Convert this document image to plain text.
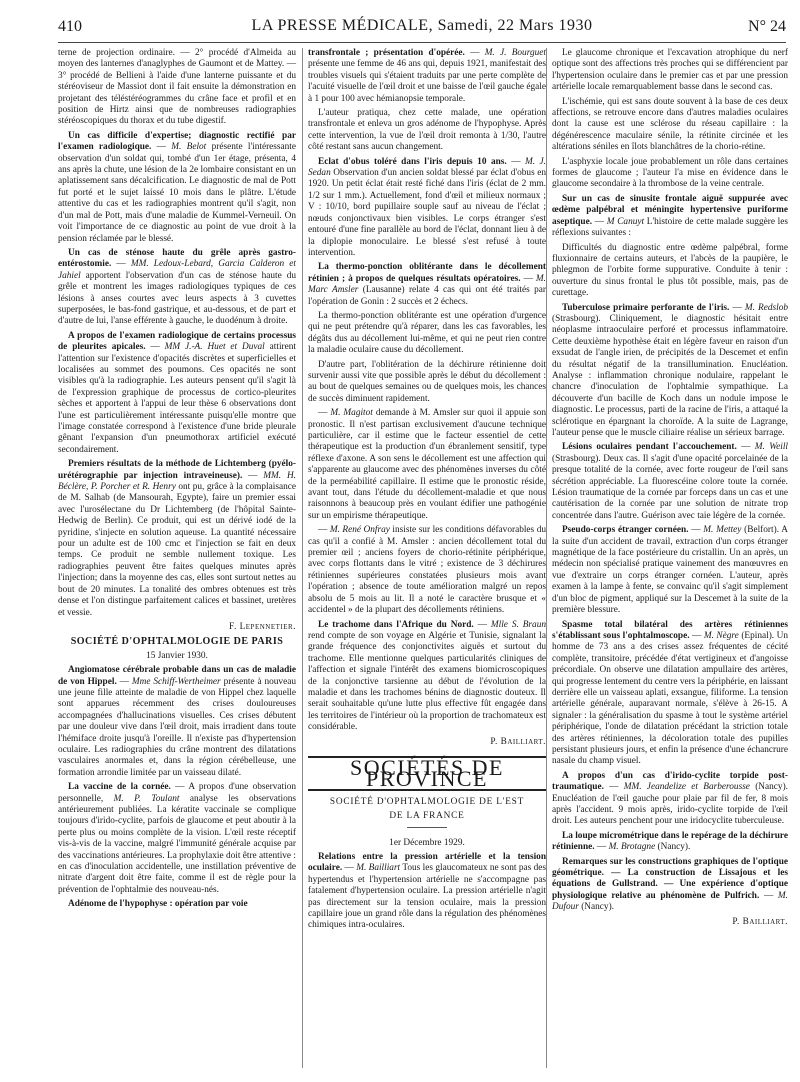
410	LA PRESSE MÉDICALE, Samedi, 22 Mars 1930	N° 24

terne de projection ordinaire. — 2° procédé d'Almeida au moyen des lanternes d'anaglyphes de Gaumont et de Mattey. — 3° procédé de Bellieni à l'aide d'une lanterne puissante et du stéréoviseur de Massiot dont il fait ensuite la démonstration en projetant des téléstéréogrammes du crâne face et profil et en position de Hirtz ainsi que de nombreuses radiographies stéréoscopiques du thorax et du tube digestif.

Un cas difficile d'expertise; diagnostic rectifié par l'examen radiologique. — M. Belot présente l'intéressante observation d'un soldat qui, tombé d'un 1er étage, présenta, 4 ans après la chute, une lésion de la 2e lombaire consistant en un aplatissement sans décalcification. Le diagnostic de mal de Pott fut porté et le sujet laissé 10 mois dans le plâtre. L'étude attentive du cas et les radiographies montrent qu'il s'agit, non d'un mal de Pott, mais d'une maladie de Kummel-Verneuil. On voit l'importance de ce diagnostic au point de vue droit à la pension réclamée par le blessé.

Un cas de sténose haute du grêle après gastro-entérostomie. — MM. Ledoux-Lebard, Garcia Calderon et Jahiel apportent l'observation d'un cas de sténose haute du grêle et montrent les images radiologiques typiques de ces lésions à anses courtes avec leurs aspects à 3 cuvettes superposées, le bas-fond gastrique, et au-dessous, et de part et d'autre de lui, l'anse efférente à gauche, le duodénum à droite.

A propos de l'examen radiologique de certains processus de pleurites apicales. — MM J.-A. Huet et Duval attirent l'attention sur l'existence d'opacités discrètes et superficielles et localisées au sommet des poumons. Ces opacités ne sont visibles qu'à la radiographie. Les auteurs pensent qu'il s'agit là de l'expression graphique de processus de cortico-pleurites sèches et apportent à l'appui de leur thèse 6 observations dont l'une est particulièrement intéressante puisqu'elle montre que l'image constatée correspond à l'existence d'une bride pleurale gênant l'expansion d'un pneumothorax artificiel exécuté secondairement.

Premiers résultats de la méthode de Lichtemberg (pyélo-urétérographie par injection intraveineuse). — MM. H. Béclère, P. Porcher et R. Henry ont pu, grâce à la complaisance de M. Salhab (de Mansourah, Egypte), faire un premier essai avec l'urosélectane du Dr Lichtemberg (de l'hôpital Sainte-Hedwig de Berlin). Ce produit, qui est un dérivé iodé de la pyridine, s'injecte en solution aqueuse. La quantité nécessaire pour un adulte est de 100 cmc et l'injection se fait en deux temps. Ce produit ne semble nullement toxique. Les radiographies peuvent être faites quelques minutes après l'injection; dans la moyenne des cas, elles sont surtout nettes au bout de 20 minutes. La tonalité des ombres obtenues est très dense et l'on distingue parfaitement calices et bassinet, uretères et vessie.

F. Lepennetier.

SOCIÉTÉ D'OPHTALMOLOGIE DE PARIS

15 Janvier 1930.

Angiomatose cérébrale probable dans un cas de maladie de von Hippel. — Mme Schiff-Wertheimer présente à nouveau une jeune fille atteinte de maladie de von Hippel chez laquelle sont apparues récemment des crises douloureuses accompagnées d'hallucinations visuelles. Ces crises débutent par une douleur vive dans l'œil droit, mais irradient dans toute l'hémiface droite jusqu'à l'oreille. Il n'existe pas d'hypertension oculaire. Les radiographies du crâne montrent des dilatations vasculaires anormales et, dans la région cérébelleuse, une formation arrondie limitée par un vaisseau dilaté.

La vaccine de la cornée. — A propos d'une observation personnelle, M. P. Toulant analyse les observations antérieurement publiées. La kératite vaccinale se complique toujours d'irido-cyclite, parfois de glaucome et peut aboutir à la perte plus ou moins complète de la vision. L'œil reste réceptif vis-à-vis de la vaccine, malgré l'immunité générale acquise par des vaccinations antérieures. La prophylaxie doit être attentive : en cas d'inoculation accidentelle, une instillation préventive de nitrate d'argent doit être faite, comme il est de règle pour la prévention de l'ophtalmie des nouveau-nés.

Adénome de l'hypophyse : opération par voie

transfrontale ; présentation d'opérée. — M. J. Bourguet présente une femme de 46 ans qui, depuis 1921, manifestait des troubles visuels qui s'étaient traduits par une perte complète de l'acuité visuelle de l'œil droit et une baisse de l'œil gauche égale à 1 pour 100 avec hémianopsie temporale.

L'auteur pratiqua, chez cette malade, une opération transfrontale et enleva un gros adénome de l'hypophyse. Après cette intervention, la vue de l'œil droit remonta à 1/30, l'autre côté restant sans aucun changement.

Eclat d'obus toléré dans l'iris depuis 10 ans. — M. J. Sedan Observation d'un ancien soldat blessé par éclat d'obus en 1920. Un petit éclat était resté fiché dans l'iris (éclat de 2 mm. 1/2 sur 1 mm.). Actuellement, fond d'œil et milieux normaux ; V : 10/10, bord pupillaire souple sauf au niveau de l'éclat ; nœuds conjonctivaux bien visibles. Le corps étranger s'est entouré d'une fine parallèle au bord de l'éclat, donnant lieu à de la diplopie monoculaire. Le blessé s'est refusé à toute intervention.

La thermo-ponction oblitérante dans le décollement rétinien ; à propos de quelques résultats opératoires. — M. Marc Amsler (Lausanne) relate 4 cas qui ont été traités par l'opération de Gonin : 2 succès et 2 échecs.

La thermo-ponction oblitérante est une opération d'urgence qui ne peut prétendre qu'à réparer, dans les cas favorables, les dégâts dus au décollement lui-même, et qui ne peut rien contre la maladie oculaire cause du décollement.

D'autre part, l'oblitération de la déchirure rétinienne doit survenir aussi vite que possible après le début du décollement : au bout de quelques semaines ou de quelques mois, les chances de succès diminuent rapidement.

— M. Magitot demande à M. Amsler sur quoi il appuie son pronostic. Il n'est partisan exclusivement d'aucune technique particulière, car il estime que le facteur essentiel de cette thérapeutique est la production d'un ébranlement sensitif, type réflexe d'axone. A son sens le décollement est une affection qui s'apparente au glaucome avec des phénomènes inverses du côté de la perméabilité capillaire. Il estime que le pronostic réside, avant tout, dans l'étude du décollement-maladie et que nous raisonnons à beaucoup près en voulant édifier une pathogénie sur un empirisme thérapeutique.

— M. René Onfray insiste sur les conditions défavorables du cas qu'il a confié à M. Amsler : ancien décollement total du premier œil ; anciens foyers de chorio-rétinite périphérique, avec corps flottants dans le vitré ; existence de 3 déchirures rétiniennes supérieures constatées plusieurs mois avant l'opération ; absence de toute amélioration malgré un repos absolu de 5 mois au lit. Il a noté le caractère brusque et « accidentel » de la plupart des décollements rétiniens.

Le trachome dans l'Afrique du Nord. — Mlle S. Braun rend compte de son voyage en Algérie et Tunisie, signalant la grande fréquence des conjonctivites aiguës et surtout du trachome. Elle mentionne quelques particularités cliniques de l'affection et signale l'intérêt des examens biomicroscopiques de la conjonctive tarsienne au début de l'évolution de la maladie et dans les trachomes bénins de diagnostic douteux. Il serait souhaitable qu'une lutte plus effective fût engagée dans les territoires de l'intérieur où la proportion de trachomateux est considérable.

P. Bailliart.

SOCIÉTÉS DE PROVINCE

SOCIÉTÉ D'OPHTALMOLOGIE DE L'EST

DE LA FRANCE

1er Décembre 1929.

Relations entre la pression artérielle et la tension oculaire. — M. Bailliart Tous les glaucomateux ne sont pas des hypertendus et l'hypertension artérielle ne s'accompagne pas fatalement d'hypertension oculaire. La pression artérielle n'agit pas directement sur la tension oculaire, mais la pression capillaire joue un grand rôle dans la régulation des phénomènes chimiques intra-oculaires.

Le glaucome chronique et l'excavation atrophique du nerf optique sont des affections très proches qui se différencient par l'hypertension oculaire dans le premier cas et par une pression artérielle locale remarquablement basse dans le second cas.

L'ischémie, qui est sans doute souvent à la base de ces deux affections, se retrouve encore dans d'autres maladies oculaires dont la cause est une sclérose du réseau capillaire : la dégénérescence maculaire sénile, la rétinite circinée et les altérations séniles en îlots blanchâtres de la chorio-rétine.

L'asphyxie locale joue probablement un rôle dans certaines formes de glaucome ; l'auteur l'a mise en évidence dans le glaucome secondaire à la thrombose de la veine centrale.

Sur un cas de sinusite frontale aiguë suppurée avec œdème palpébral et méningite hypertensive puriforme aseptique. — M Canuyt L'histoire de cette malade suggère les réflexions suivantes :

Difficultés du diagnostic entre œdème palpébral, forme fluxionnaire de certains auteurs, et l'abcès de la paupière, le phlegmon de l'orbite forme suppurative. Conduite à tenir : ouverture du sinus frontal le plus tôt possible, mais, pas de curettage.

Tuberculose primaire perforante de l'iris. — M. Redslob (Strasbourg). Cliniquement, le diagnostic hésitait entre néoplasme intraoculaire perforé et processus inflammatoire. Cette deuxième hypothèse était en légère faveur en raison d'un exsudat de l'angle irien, de précipités de la Descemet et enfin du résultat négatif de la transillumination. Enucléation. Analyse : inflammation chronique nodulaire, rappelant le chancre d'inoculation de l'ophtalmie sympathique. La découverte d'un bacille de Koch dans un nodule impose le diagnostic. Le processus, parti de la racine de l'iris, a attaqué la sclérotique en épargnant la choroïde. A la suite de Lagrange, l'auteur pense que le muscle ciliaire réalise un sérieux barrage.

Lésions oculaires pendant l'accouchement. — M. Weill (Strasbourg). Deux cas. Il s'agit d'une opacité porcelainée de la presque totalité de la cornée, avec forte rougeur de l'œil sans sécrétion appréciable. La fluorescéine colore toute la cornée. Lésion traumatique de la cornée par forceps dans un cas et une cautérisation de la cornée par une solution de nitrate trop concentrée dans l'autre. Guérison avec taie légère de la cornée.

Pseudo-corps étranger cornéen. — M. Mettey (Belfort). A la suite d'un accident de travail, extraction d'un corps étranger magnétique de la face postérieure du cristallin. Un an après, un médecin non spécialisé pratique vainement des manœuvres en vue d'extraire un corps étranger cornéen. L'auteur, après examen à la lampe à fente, se convainc qu'il s'agit simplement d'un bloc de pigment, appliqué sur la Descemet à la suite de la première blessure.

Spasme total bilatéral des artères rétiniennes s'établissant sous l'ophtalmoscope. — M. Nègre (Epinal). Un homme de 73 ans a des crises assez fréquentes de cécité complète, transitoire, précédée d'état vertigineux et d'angoisse précordiale. On observe une dilatation ampullaire des artères, qui progresse lentement du centre vers la périphérie, en laissant derrière elle un vaisseau aplati, exsangue, filiforme. La tension artérielle générale, auparavant normale, s'élève à 26-15. A signaler : la généralisation du spasme à tout le système artériel périphérique, l'onde de dilatation précédant la striction totale des artères rétiniennes, la décoloration totale des pupilles persistant plusieurs jours, et enfin la présence d'une échancrure nasale du champ visuel.

A propos d'un cas d'irido-cyclite torpide post-traumatique. — MM. Jeandelize et Barberousse (Nancy). Enucléation de l'œil gauche pour plaie par fil de fer, 8 mois après l'accident. 9 mois après, irido-cyclite torpide de l'œil droit. Les auteurs penchent pour une iridocyclite tuberculeuse.

La loupe micrométrique dans le repérage de la déchirure rétinienne. — M. Brotagne (Nancy).

Remarques sur les constructions graphiques de l'optique géométrique. — La construction de Lissajous et les équations de Gullstrand. — Une expérience d'optique physiologique relative au phénomène de Pulfrich. — M. Dufour (Nancy).

P. Bailliart.
